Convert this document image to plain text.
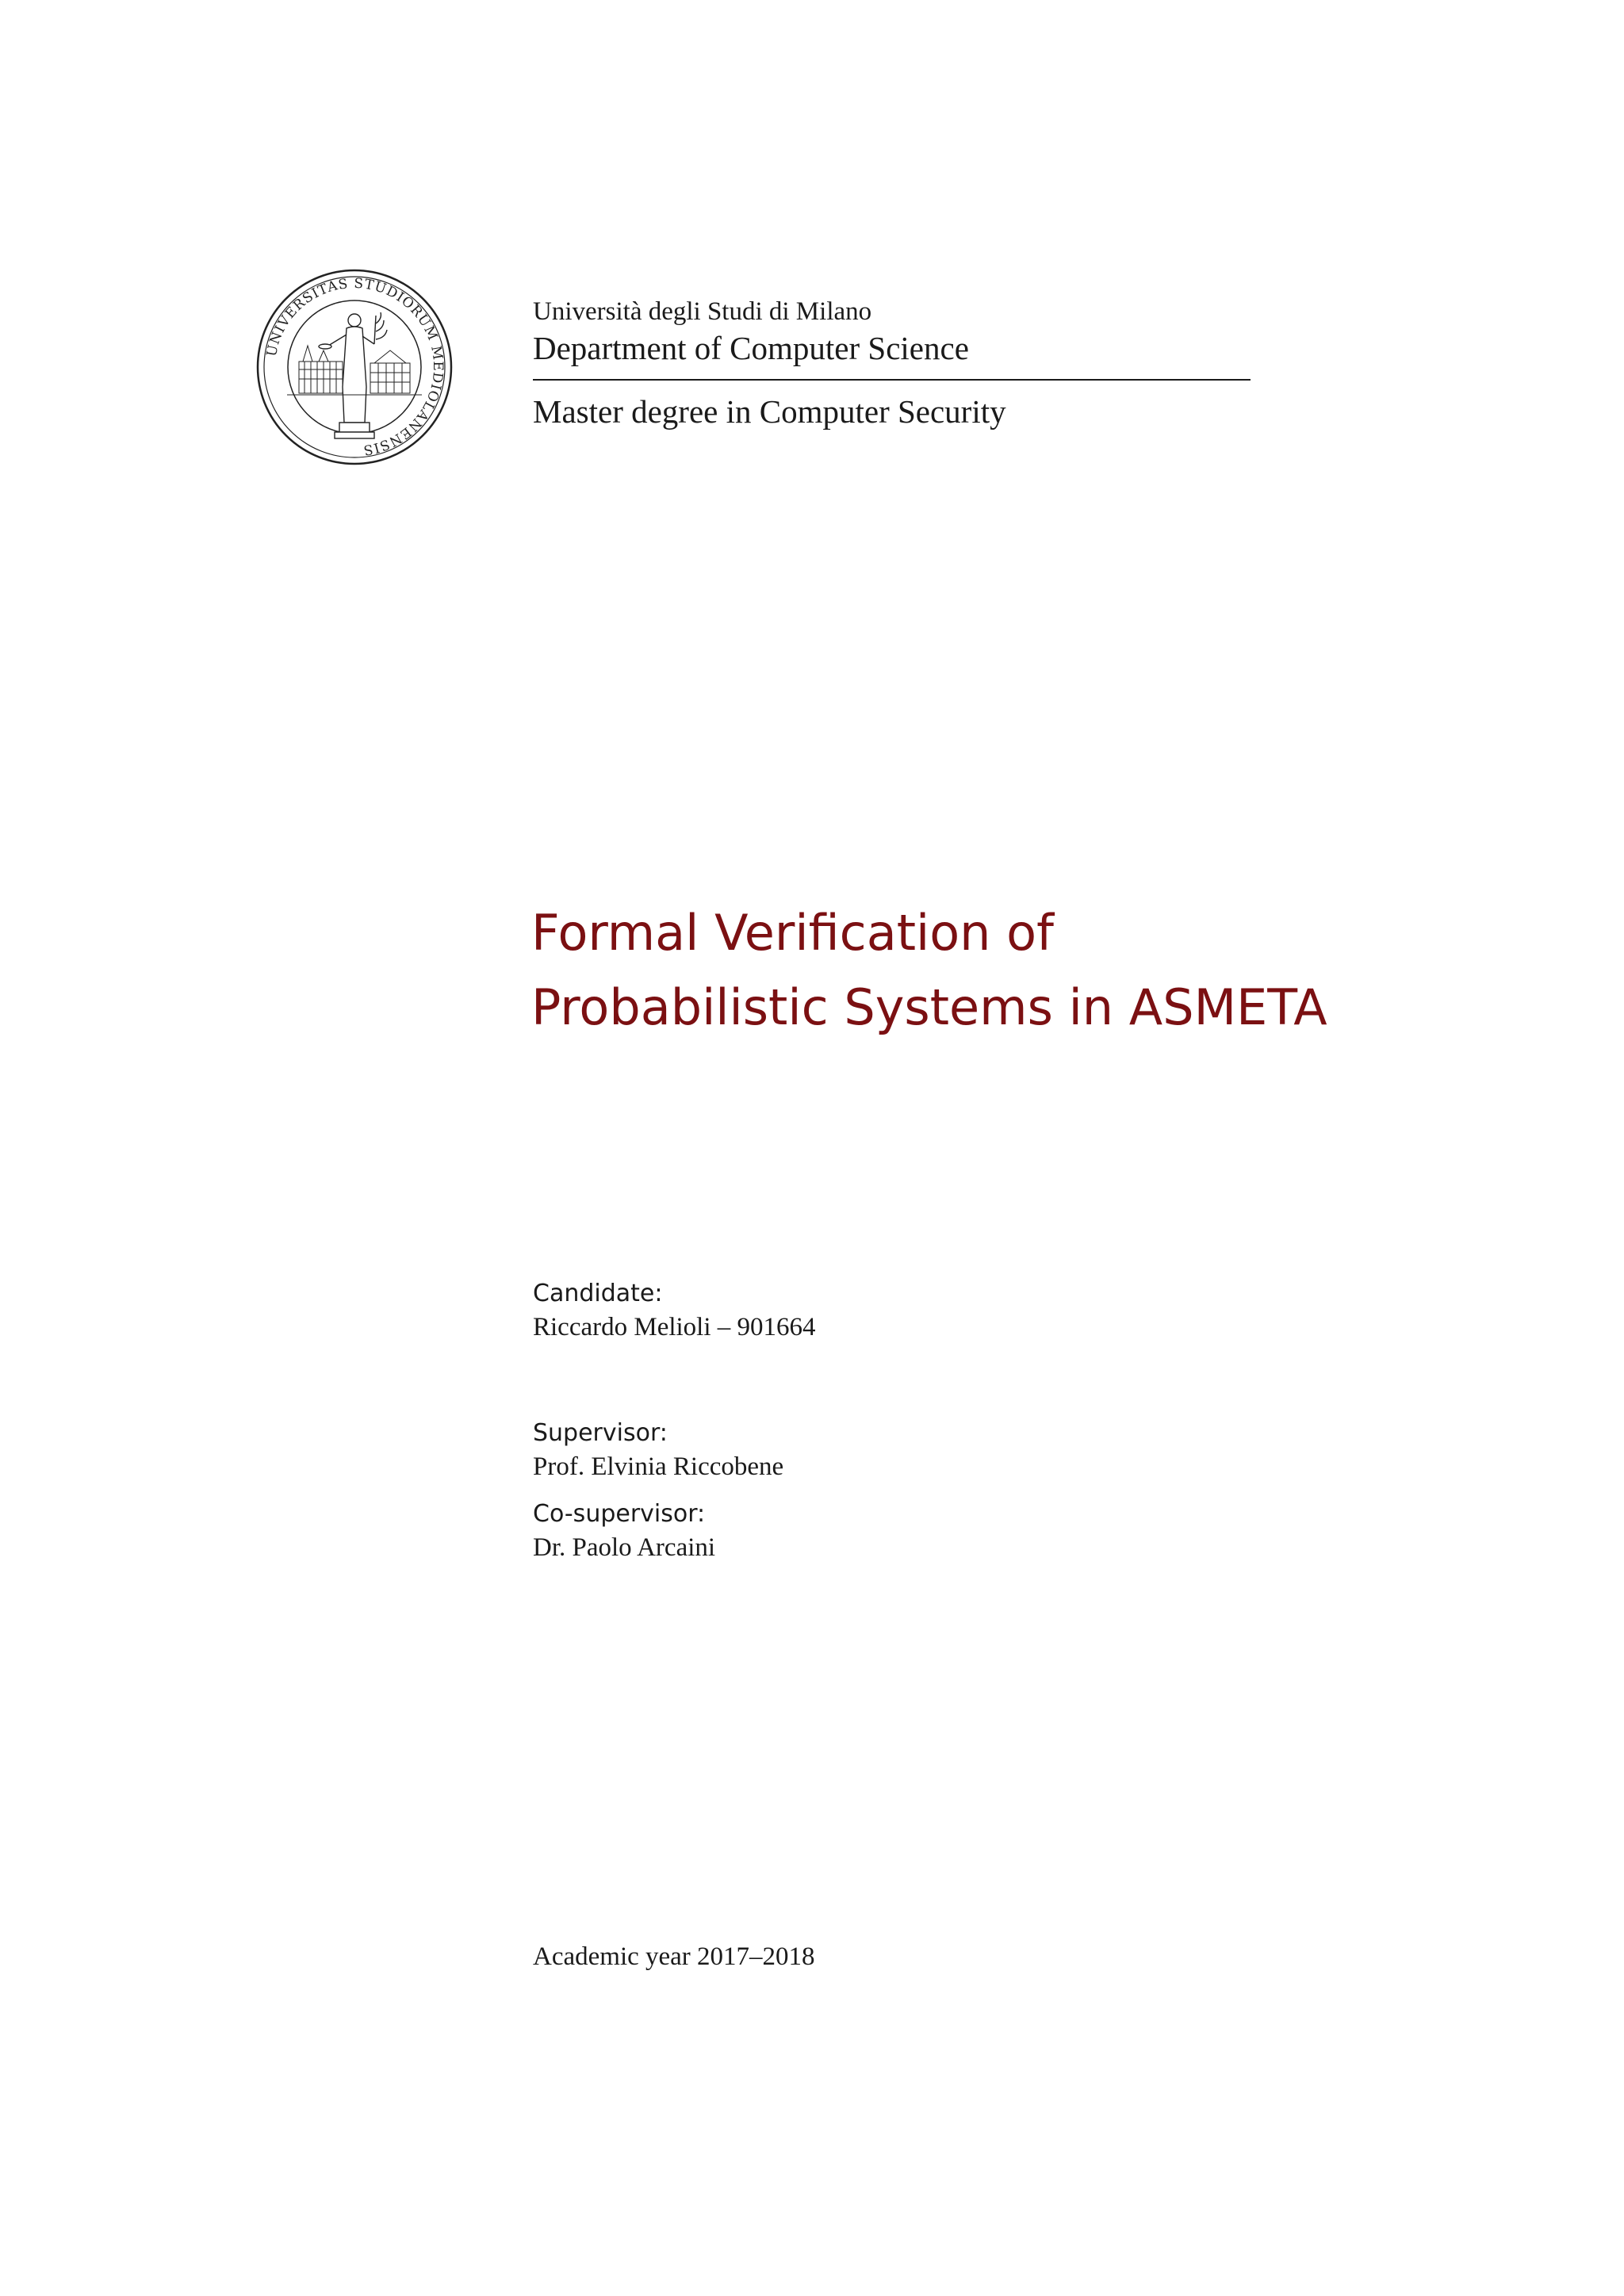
UNIVERSITAS STUDIORUM MEDIOLANENSIS

Università degli Studi di Milano

Department of Computer Science

Master degree in Computer Security

Formal Verification of
Probabilistic Systems in ASMETA

Candidate:

Riccardo Melioli – 901664

Supervisor:

Prof. Elvinia Riccobene

Co-supervisor:

Dr. Paolo Arcaini

Academic year 2017–2018
